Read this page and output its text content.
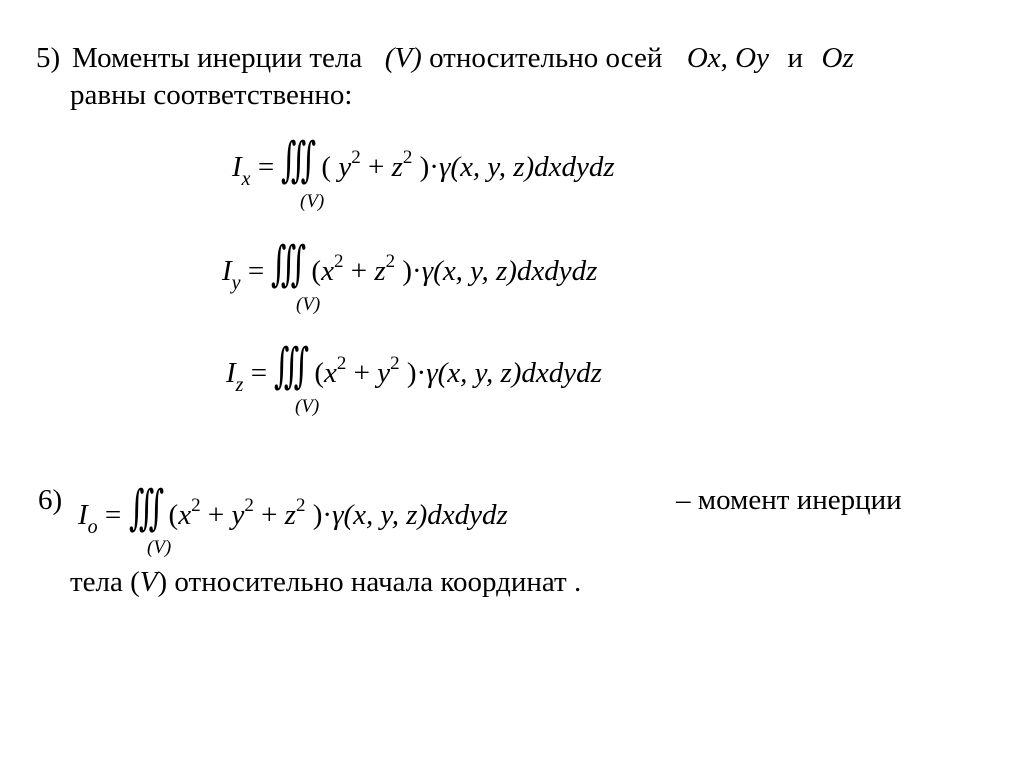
5) Моменты инерции тела (V) относительно осей Ox, Oy и Oz
равны соответственно:
$I_x$ = ∭ ( $y^2 + z^2$ )·γ(x, y, z)dxdydz
(V)
$I_y$ = ∭ ($x^2 + z^2$ )·γ(x, y, z)dxdydz
(V)
$I_z$ = ∭ ($x^2 + y^2$ )·γ(x, y, z)dxdydz
(V)
6) $I_o$ = ∭ ($x^2 + y^2 + z^2$ )·γ(x, y, z)dxdydz
(V)
– момент инерции
тела (V) относительно начала координат .
